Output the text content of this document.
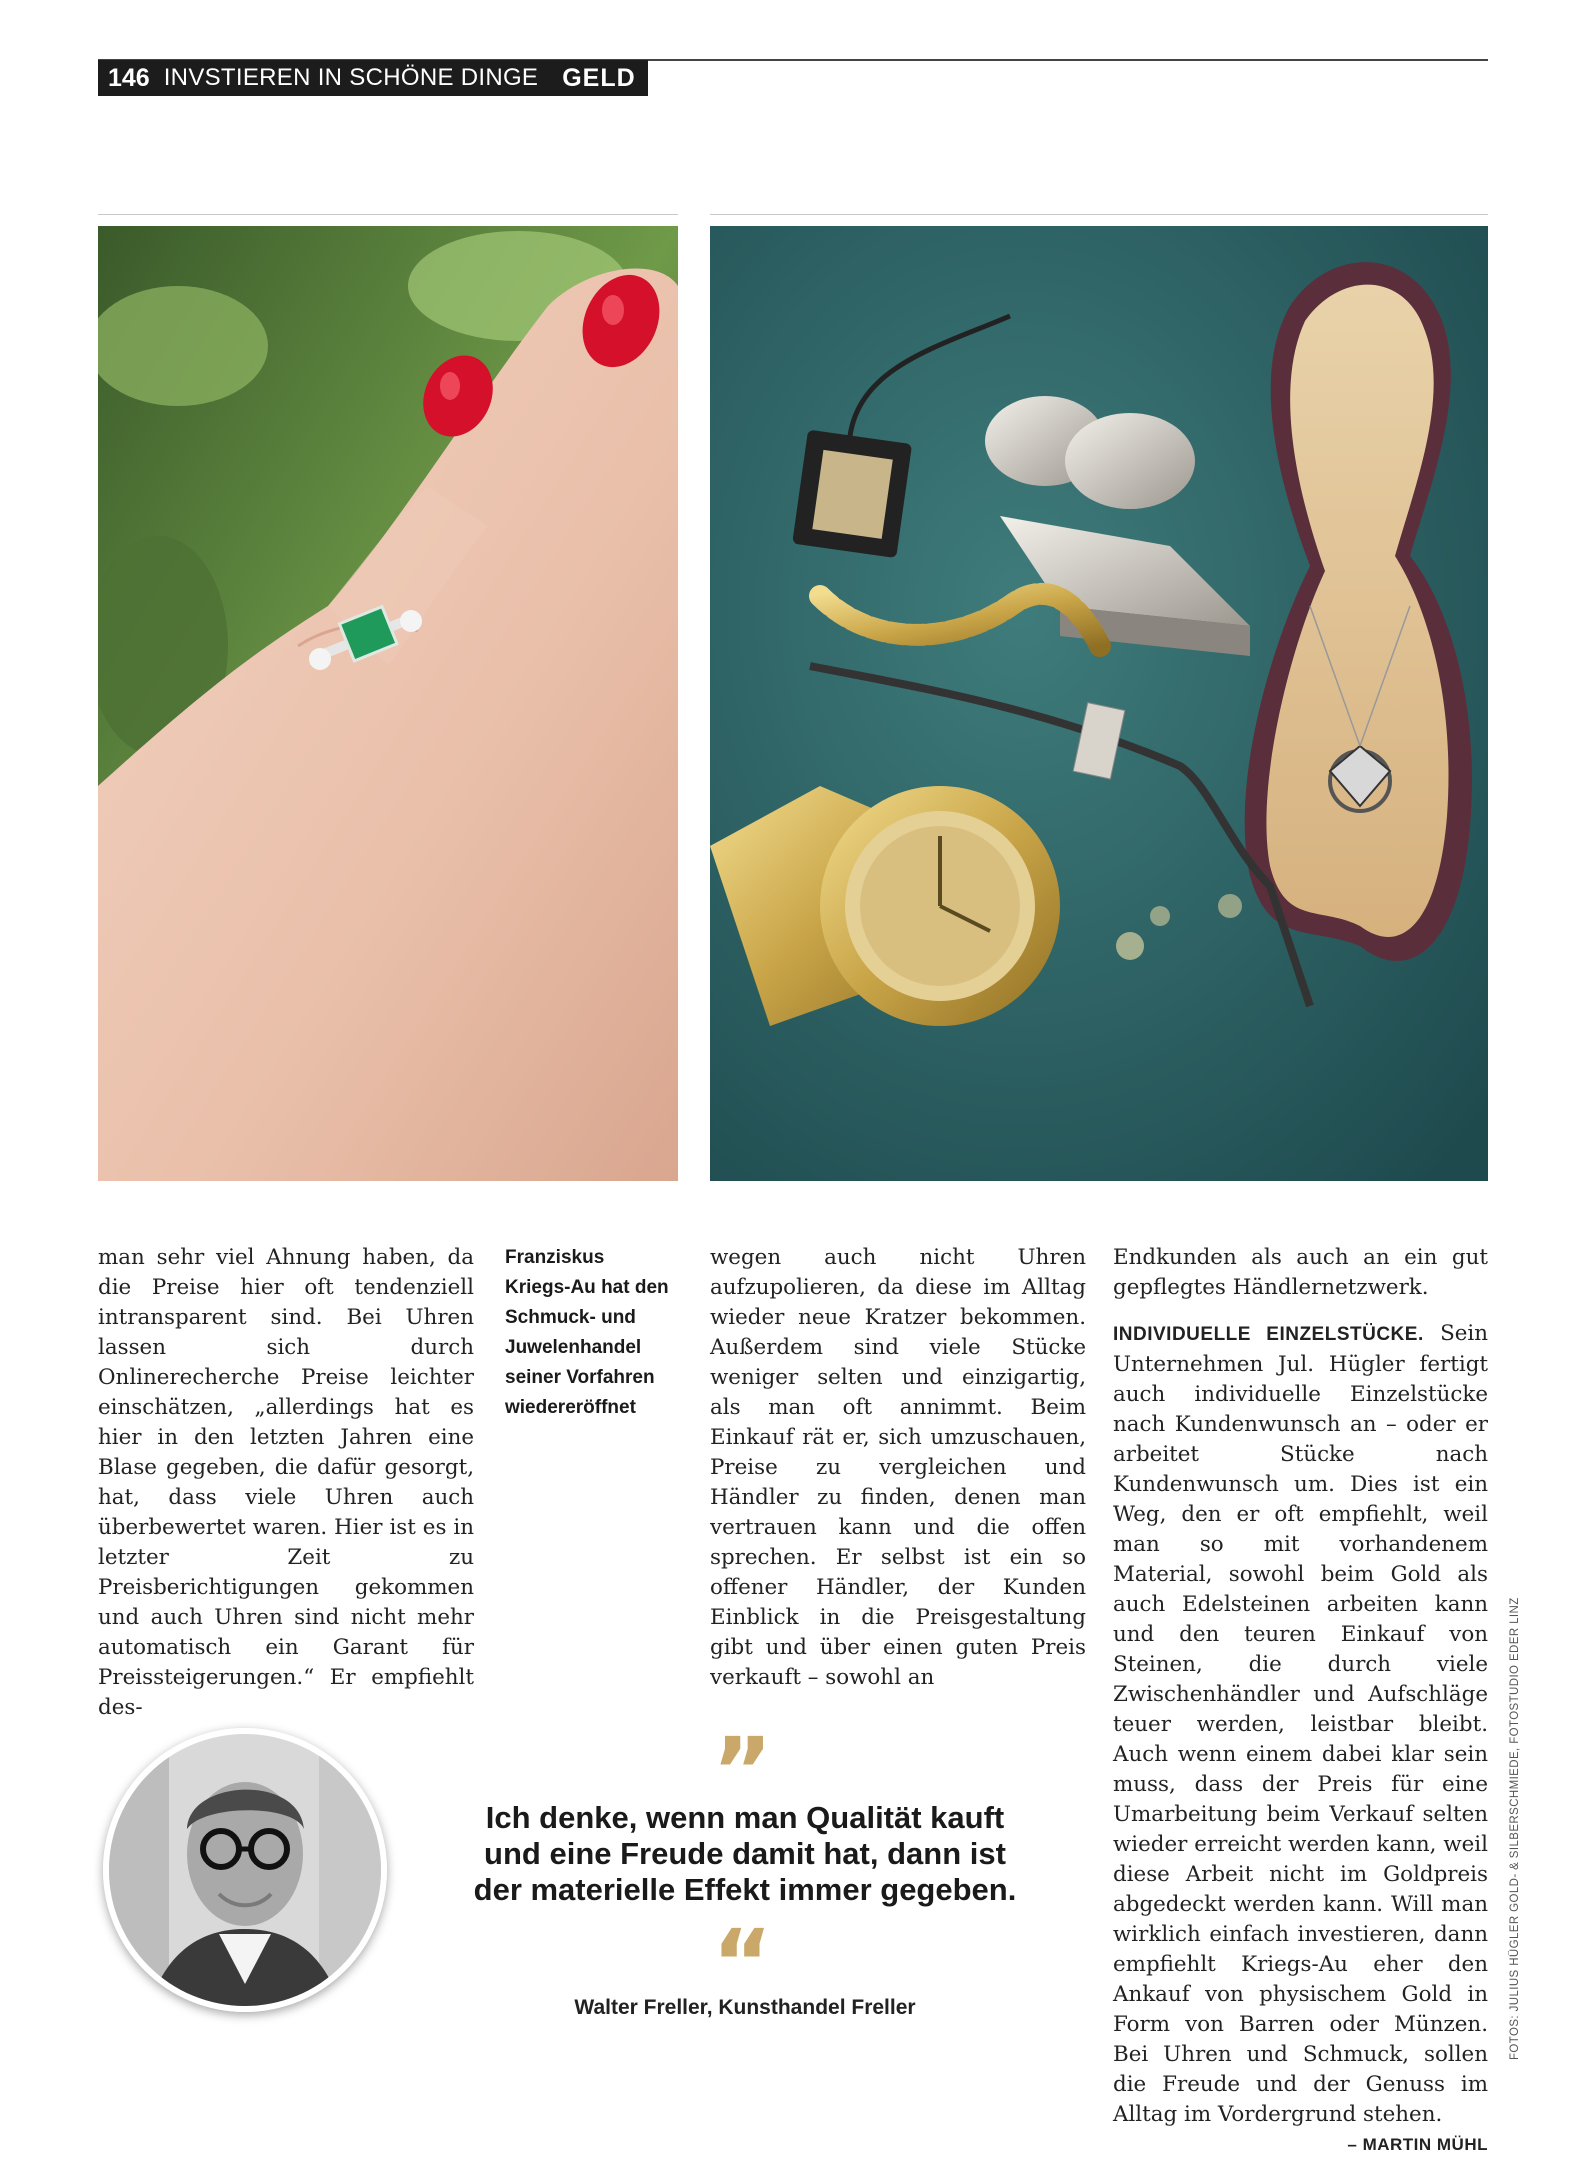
146 INVSTIEREN IN SCHÖNE DINGE GELD
man sehr viel Ahnung haben, da die Preise hier oft tendenziell intransparent sind. Bei Uhren lassen sich durch Onlinerecherche Preise leichter einschätzen, „allerdings hat es hier in den letzten Jahren eine Blase gegeben, die dafür gesorgt, hat, dass viele Uhren auch überbewertet waren. Hier ist es in letzter Zeit zu Preisberichtigungen gekommen und auch Uhren sind nicht mehr automatisch ein Garant für Preissteigerungen.“ Er empfiehlt des-
Franziskus
Kriegs-Au hat den
Schmuck- und
Juwelenhandel
seiner Vorfahren
wiedereröffnet
wegen auch nicht Uhren aufzupolieren, da diese im Alltag wieder neue Kratzer bekommen. Außerdem sind viele Stücke weniger selten und einzigartig, als man oft annimmt. Beim Einkauf rät er, sich umzuschauen, Preise zu vergleichen und Händler zu finden, denen man vertrauen kann und die offen sprechen. Er selbst ist ein so offener Händler, der Kunden Einblick in die Preisgestaltung gibt und über einen guten Preis verkauft – sowohl an
Endkunden als auch an ein gut gepflegtes Händlernetzwerk.
INDIVIDUELLE EINZELSTÜCKE. Sein Unternehmen Jul. Hügler fertigt auch individuelle Einzelstücke nach Kundenwunsch an – oder er arbeitet Stücke nach Kundenwunsch um. Dies ist ein Weg, den er oft empfiehlt, weil man so mit vorhandenem Material, sowohl beim Gold als auch Edelsteinen arbeiten kann und den teuren Einkauf von Steinen, die durch viele Zwischenhändler und Aufschläge teuer werden, leistbar bleibt. Auch wenn einem dabei klar sein muss, dass der Preis für eine Umarbeitung beim Verkauf selten wieder erreicht werden kann, weil diese Arbeit nicht im Goldpreis abgedeckt werden kann. Will man wirklich einfach investieren, dann empfiehlt Kriegs-Au eher den Ankauf von physischem Gold in Form von Barren oder Münzen. Bei Uhren und Schmuck, sollen die Freude und der Genuss im Alltag im Vordergrund stehen.
– MARTIN MÜHL
”
Ich denke, wenn man Qualität kauft
und eine Freude damit hat, dann ist
der materielle Effekt immer gegeben.
“
Walter Freller, Kunsthandel Freller	FOTOS: JULIUS HÜGLER GOLD- & SILBERSCHMIEDE, FOTOSTUDIO EDER LINZ
